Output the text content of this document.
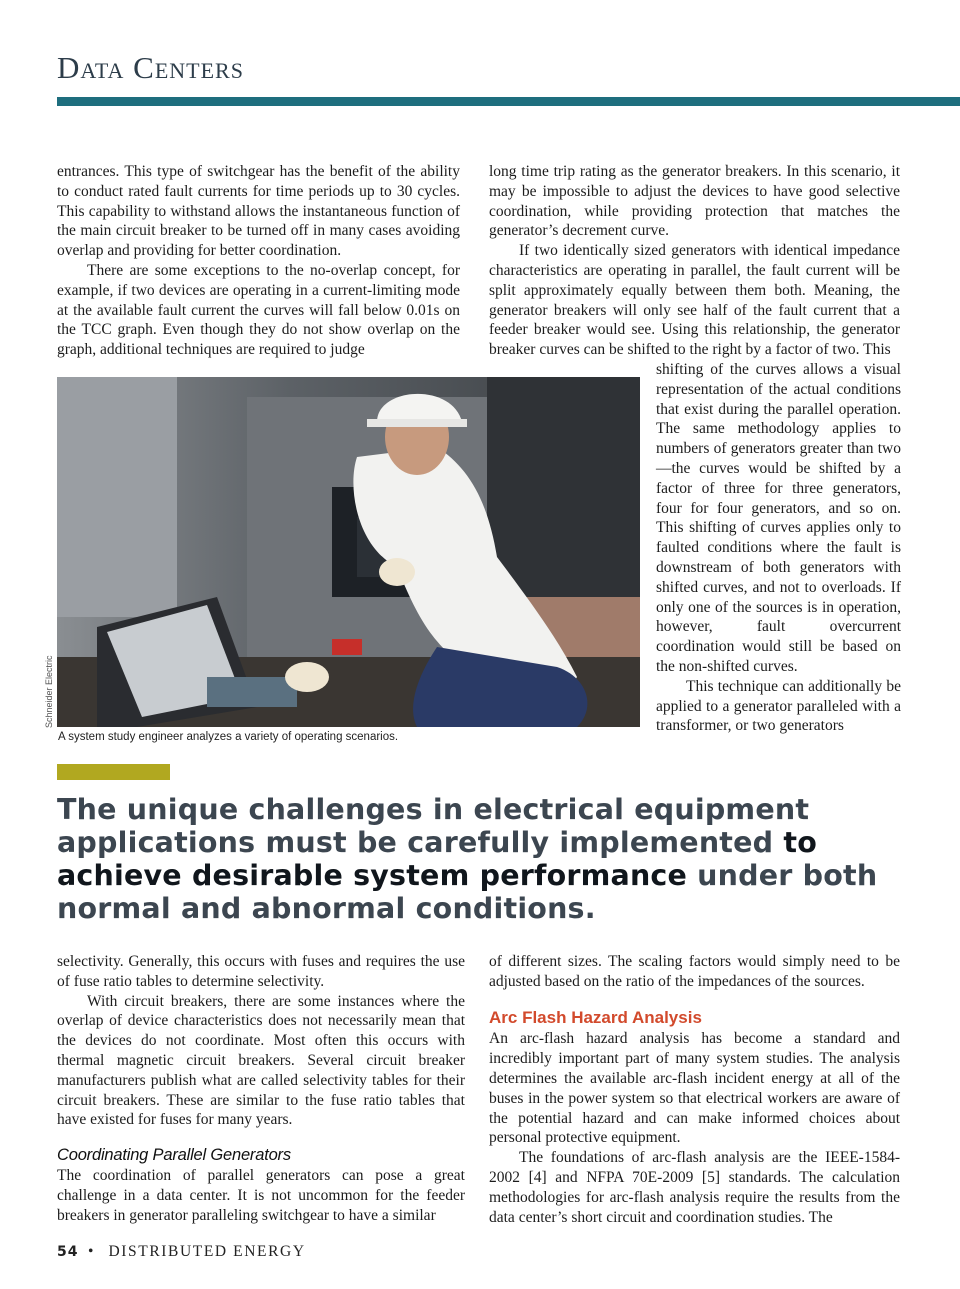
Data Centers

entrances. This type of switchgear has the benefit of the ability to conduct rated fault currents for time periods up to 30 cycles. This capability to withstand allows the instantaneous function of the main circuit breaker to be turned off in many cases avoiding overlap and providing for better coordination.

There are some exceptions to the no-overlap concept, for example, if two devices are operating in a current-limiting mode at the available fault current the curves will fall below 0.01s on the TCC graph. Even though they do not show overlap on the graph, additional techniques are required to judge

long time trip rating as the generator breakers. In this scenario, it may be impossible to adjust the devices to have good selective coordination, while providing protection that matches the generator’s decrement curve.

If two identically sized generators with identical impedance characteristics are operating in parallel, the fault current will be split approximately equally between them both. Meaning, the generator breakers will only see half of the fault current that a feeder breaker would see. Using this relationship, the generator breaker curves can be shifted to the right by a factor of two. This

shifting of the curves allows a visual representation of the actual conditions that exist during the parallel operation. The same methodology applies to numbers of generators greater than two—the curves would be shifted by a factor of three for three generators, four for four generators, and so on. This shifting of curves applies only to faulted conditions where the fault is downstream of both generators with shifted curves, and not to overloads. If only one of the sources is in operation, however, fault overcurrent coordination would still be based on the non-shifted curves.

This technique can additionally be applied to a generator paralleled with a transformer, or two generators

Schneider Electric
A system study engineer analyzes a variety of operating scenarios.
The unique challenges in electrical equipment applications must be carefully implemented to achieve desirable system performance under both normal and abnormal conditions.

selectivity. Generally, this occurs with fuses and requires the use of fuse ratio tables to determine selectivity.

With circuit breakers, there are some instances where the overlap of device characteristics does not necessarily mean that the devices do not coordinate. Most often this occurs with thermal magnetic circuit breakers. Several circuit breaker manufacturers publish what are called selectivity tables for their circuit breakers. These are similar to the fuse ratio tables that have existed for fuses for many years.

Coordinating Parallel Generators

The coordination of parallel generators can pose a great challenge in a data center. It is not uncommon for the feeder breakers in generator paralleling switchgear to have a similar

of different sizes. The scaling factors would simply need to be adjusted based on the ratio of the impedances of the sources.

Arc Flash Hazard Analysis

An arc-flash hazard analysis has become a standard and incredibly important part of many system studies. The analysis determines the available arc-flash incident energy at all of the buses in the power system so that electrical workers are aware of the potential hazard and can make informed choices about personal protective equipment.

The foundations of arc-flash analysis are the IEEE-1584-2002 [4] and NFPA 70E-2009 [5] standards. The calculation methodologies for arc-flash analysis require the results from the data center’s short circuit and coordination studies. The

54 • DISTRIBUTED ENERGY
